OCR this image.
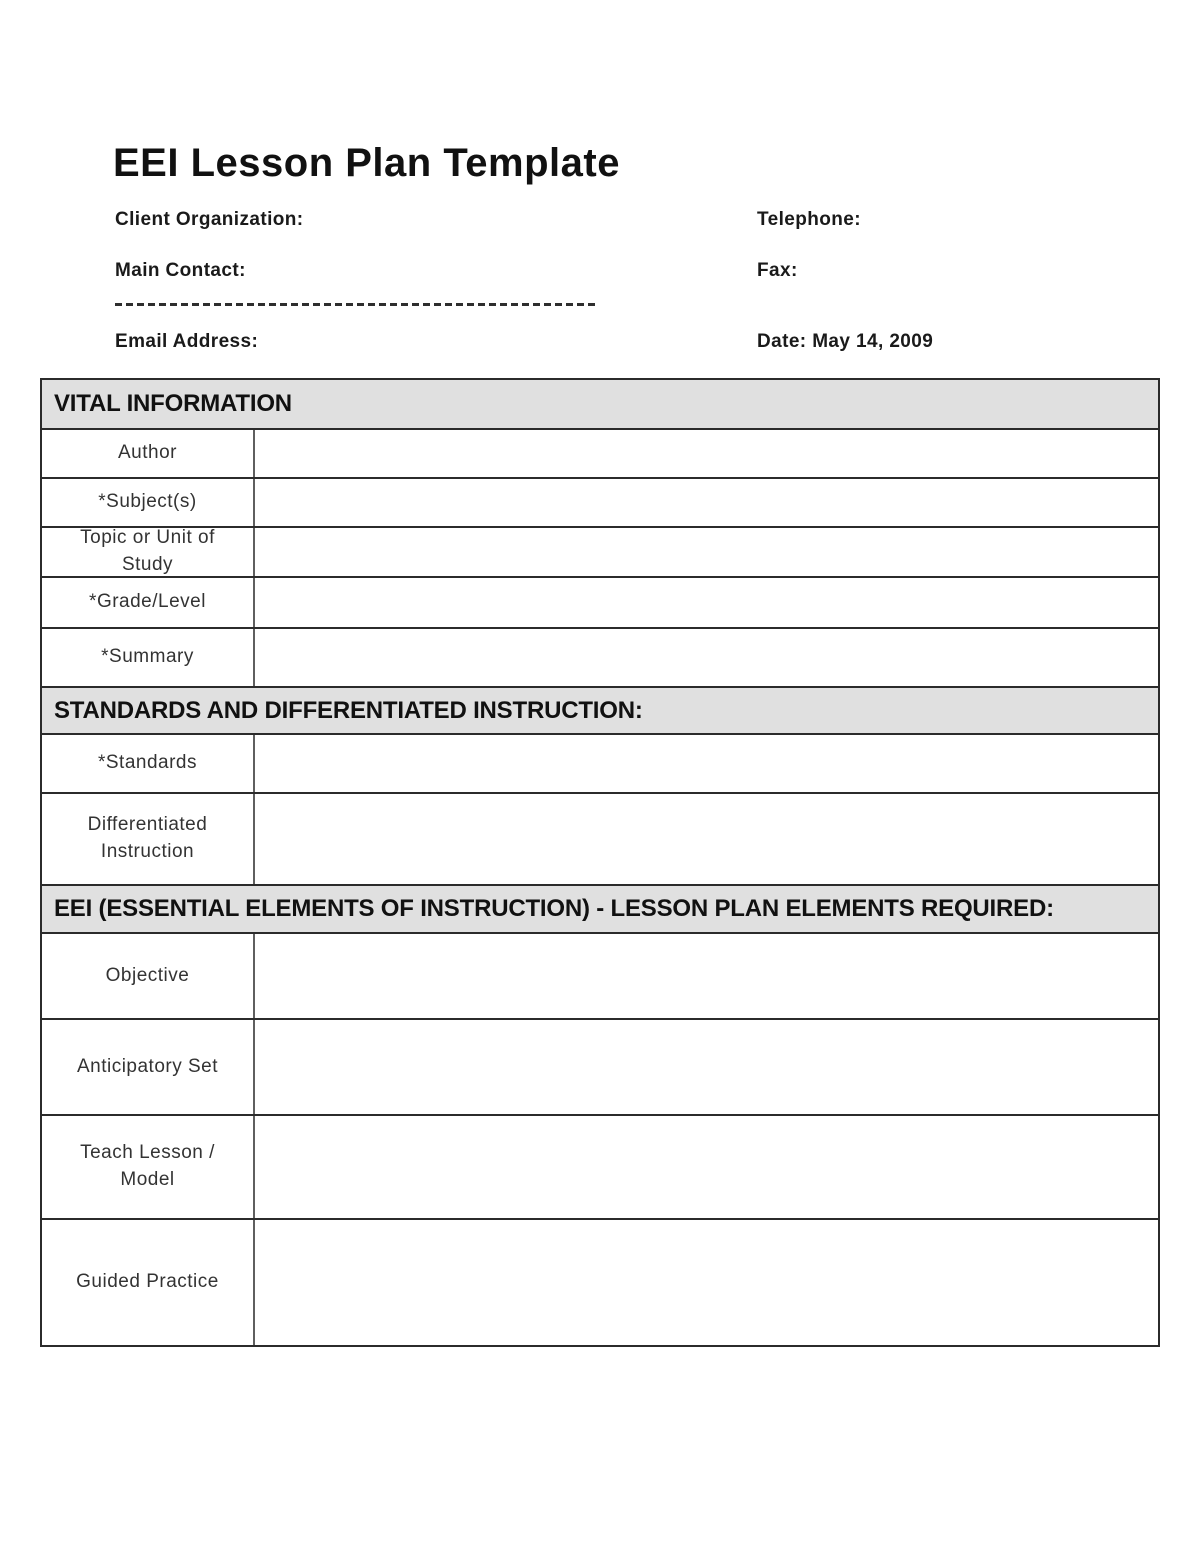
EEI Lesson Plan Template
Client Organization:	Telephone:
Main Contact:	Fax:
Email Address:	Date: May 14, 2009
VITAL INFORMATION
Author
*Subject(s)
Topic or Unit of Study
*Grade/Level
*Summary
STANDARDS AND DIFFERENTIATED INSTRUCTION:
*Standards
Differentiated Instruction
EEI (ESSENTIAL ELEMENTS OF INSTRUCTION) - LESSON PLAN ELEMENTS REQUIRED:
Objective
Anticipatory Set
Teach Lesson / Model
Guided Practice
